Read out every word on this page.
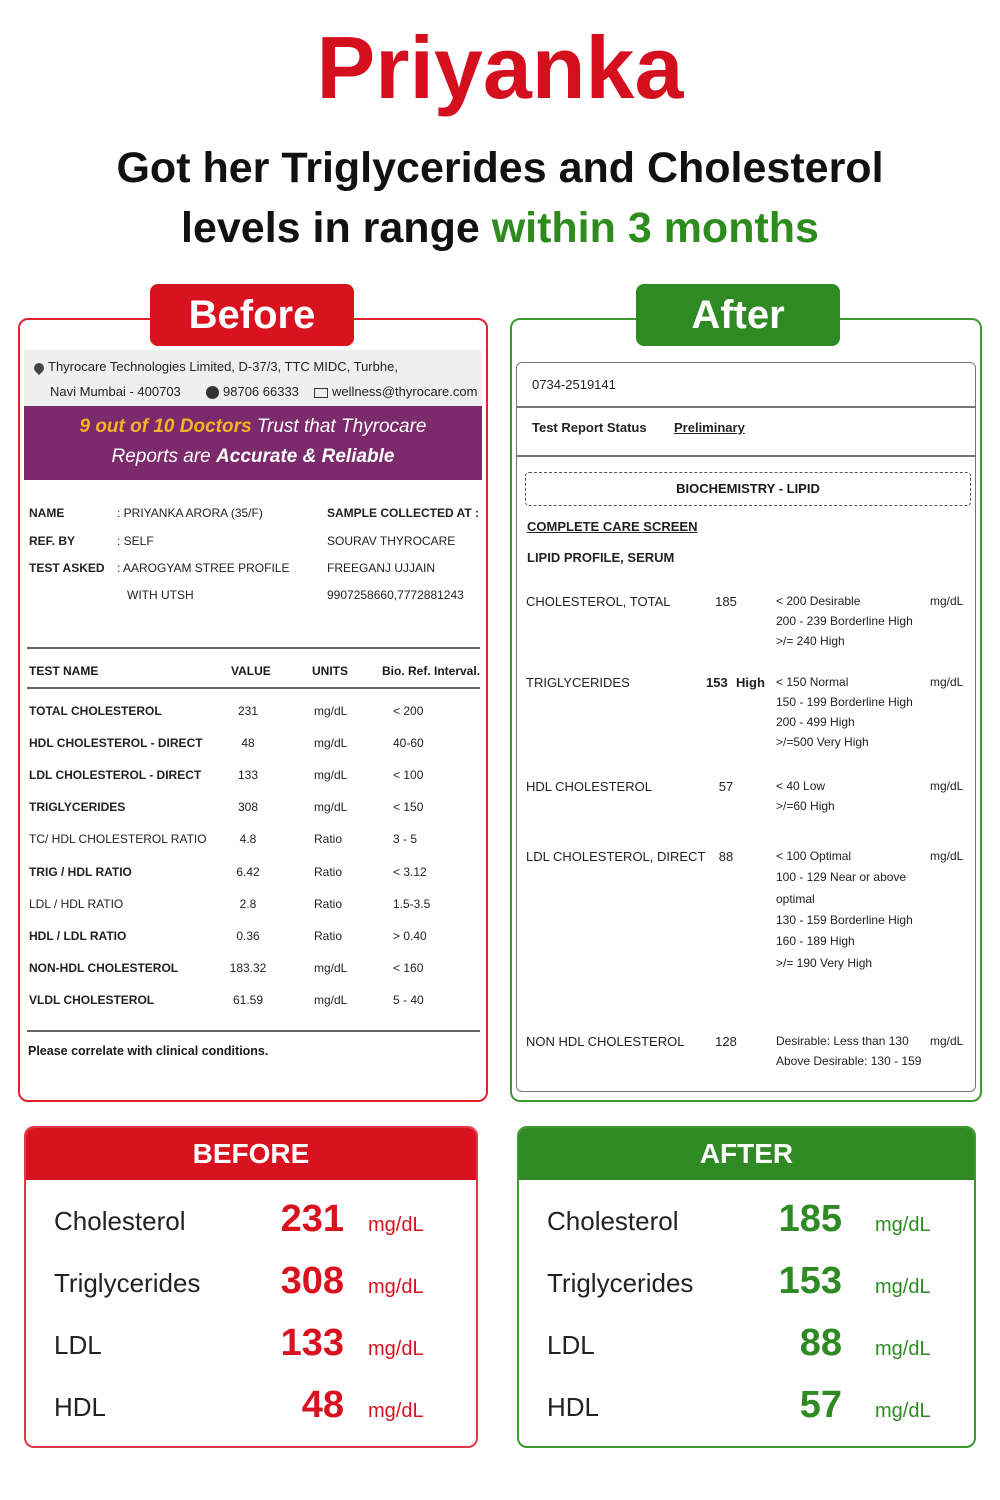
Priyanka
Got her Triglycerides and Cholesterol
levels in range within 3 months
Before	After
Thyrocare Technologies Limited, D-37/3, TTC MIDC, Turbhe,
Navi Mumbai - 400703	98706 66333	wellness@thyrocare.com
9 out of 10 Doctors Trust that Thyrocare
Reports are Accurate & Reliable
NAME	: PRIYANKA ARORA (35/F)
REF. BY	: SELF
TEST ASKED : AAROGYAM STREE PROFILE
WITH UTSH
SAMPLE COLLECTED AT :
SOURAV THYROCARE
FREEGANJ UJJAIN
9907258660,7772881243
TEST NAME	VALUE	UNITS	Bio. Ref. Interval.
TOTAL CHOLESTEROL	231	mg/dL	< 200
HDL CHOLESTEROL - DIRECT	48	mg/dL	40-60
LDL CHOLESTEROL - DIRECT	133	mg/dL	< 100
TRIGLYCERIDES	308	mg/dL	< 150
TC/ HDL CHOLESTEROL RATIO	4.8	Ratio	3 - 5
TRIG / HDL RATIO	6.42	Ratio	< 3.12
LDL / HDL RATIO	2.8	Ratio	1.5-3.5
HDL / LDL RATIO	0.36	Ratio	> 0.40
NON-HDL CHOLESTEROL	183.32	mg/dL	< 160
VLDL CHOLESTEROL	61.59	mg/dL	5 - 40
Please correlate with clinical conditions.
0734-2519141
Test Report Status Preliminary
BIOCHEMISTRY - LIPID
COMPLETE CARE SCREEN
LIPID PROFILE, SERUM
CHOLESTEROL, TOTAL	185	< 200 Desirable
200 - 239 Borderline High
>/= 240 High
mg/dL
TRIGLYCERIDES	153 High < 150 Normal
150 - 199 Borderline High
200 - 499 High
>/=500 Very High
mg/dL
HDL CHOLESTEROL	57	< 40 Low
>/=60 High
mg/dL
LDL CHOLESTEROL, DIRECT	88	< 100 Optimal
100 - 129 Near or above
optimal
130 - 159 Borderline High
160 - 189 High
>/= 190 Very High
mg/dL
NON HDL CHOLESTEROL	128	Desirable: Less than 130
Above Desirable: 130 - 159
mg/dL
BEFORE
Cholesterol	231 mg/dL
Triglycerides 308 mg/dL
LDL	133 mg/dL
HDL	48 mg/dL
AFTER
Cholesterol	185 mg/dL
Triglycerides 153 mg/dL
LDL	88 mg/dL
HDL	57 mg/dL
